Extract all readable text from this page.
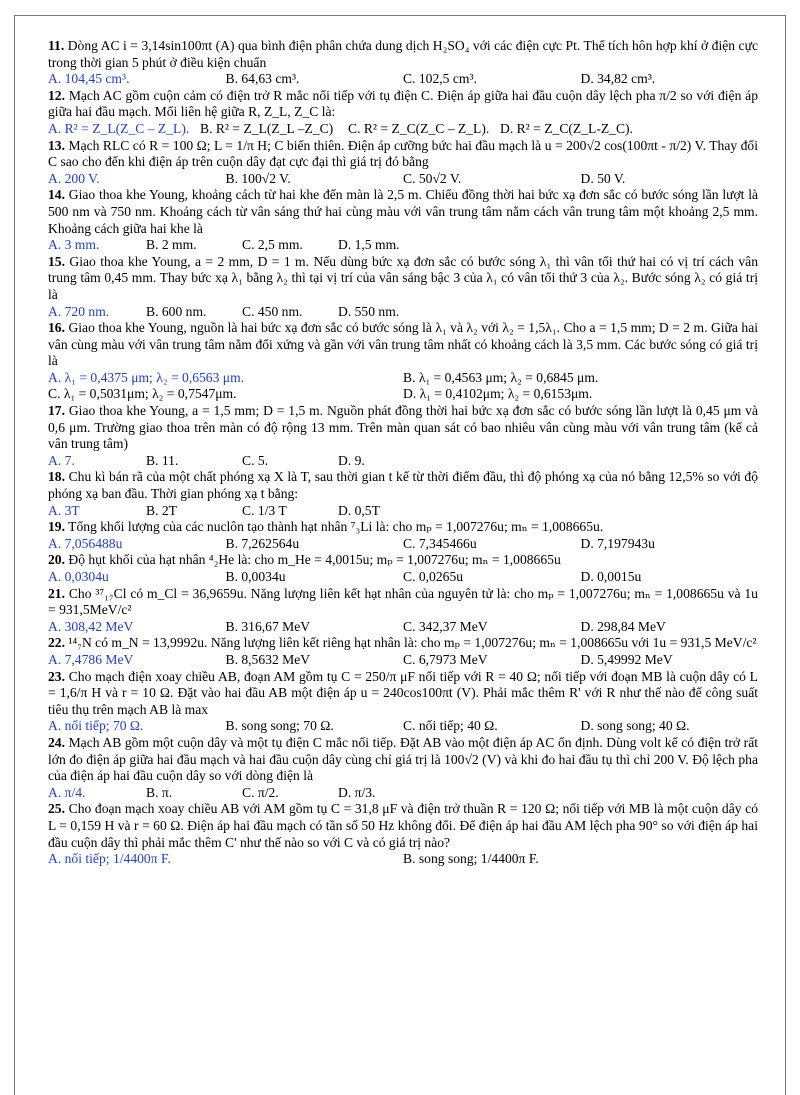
11. Dòng AC i = 3,14sin100πt (A) qua bình điện phân chứa dung dịch H₂SO₄ với các điện cực Pt. Thể tích hôn hợp khí ở điện cực trong thời gian 5 phút ở điều kiện chuẩn

A. 104,45 cm³.	B. 64,63 cm³.	C. 102,5 cm³.	D. 34,82 cm³.

12. Mạch AC gồm cuộn cảm có điện trở R mắc nối tiếp với tụ điện C. Điện áp giữa hai đầu cuộn dây lệch pha π/2 so với điện áp giữa hai đầu mạch. Mối liên hệ giữa R, Z_L, Z_C là:

A. R² = Z_L(Z_C – Z_L). B. R² = Z_L(Z_L –Z_C)	C. R² = Z_C(Z_C – Z_L). D. R² = Z_C(Z_L-Z_C).

13. Mạch RLC có R = 100 Ω; L = 1/π H; C biến thiên. Điện áp cưỡng bức hai đầu mạch là u = 200√2 cos(100πt - π/2) V. Thay đổi C sao cho đến khi điện áp trên cuộn dây đạt cực đại thì giá trị đó bằng

A. 200 V.	B. 100√2 V.	C. 50√2 V.	D. 50 V.

14. Giao thoa khe Young, khoảng cách từ hai khe đến màn là 2,5 m. Chiếu đồng thời hai bức xạ đơn sắc có bước sóng lần lượt là 500 nm và 750 nm. Khoảng cách từ vân sáng thứ hai cùng màu với vân trung tâm nằm cách vân trung tâm một khoảng 2,5 mm. Khoảng cách giữa hai khe là

A. 3 mm.	B. 2 mm.	C. 2,5 mm.	D. 1,5 mm.

15. Giao thoa khe Young, a = 2 mm, D = 1 m. Nếu dùng bức xạ đơn sắc có bước sóng λ₁ thì vân tối thứ hai có vị trí cách vân trung tâm 0,45 mm. Thay bức xạ λ₁ bằng λ₂ thì tại vị trí của vân sáng bậc 3 của λ₁ có vân tối thứ 3 của λ₂. Bước sóng λ₂ có giá trị là

A. 720 nm.	B. 600 nm.	C. 450 nm.	D. 550 nm.

16. Giao thoa khe Young, nguồn là hai bức xạ đơn sắc có bước sóng là λ₁ và λ₂ với λ₂ = 1,5λ₁. Cho a = 1,5 mm; D = 2 m. Giữa hai vân cùng màu với vân trung tâm nằm đối xứng và gần với vân trung tâm nhất có khoảng cách là 3,5 mm. Các bước sóng có giá trị là

A. λ₁ = 0,4375 μm; λ₂ = 0,6563 μm.	B. λ₁ = 0,4563 μm; λ₂ = 0,6845 μm.
C. λ₁ = 0,5031μm; λ₂ = 0,7547μm.	D. λ₁ = 0,4102μm; λ₂ = 0,6153μm.

17. Giao thoa khe Young, a = 1,5 mm; D = 1,5 m. Nguồn phát đồng thời hai bức xạ đơn sắc có bước sóng lần lượt là 0,45 μm và 0,6 μm. Trường giao thoa trên màn có độ rộng 13 mm. Trên màn quan sát có bao nhiêu vân cùng màu với vân trung tâm (kể cả vân trung tâm)

A. 7.	B. 11.	C. 5.	D. 9.

18. Chu kì bán rã của một chất phóng xạ X là T, sau thời gian t kể từ thời điểm đầu, thì độ phóng xạ của nó bằng 12,5% so với độ phóng xạ ban đầu. Thời gian phóng xạ t bằng:

A. 3T	B. 2T	C. 1/3 T	D. 0,5T

19. Tổng khối lượng của các nuclôn tạo thành hạt nhân ⁷₃Li là: cho mₚ = 1,007276u; mₙ = 1,008665u.

A. 7,056488u	B. 7,262564u	C. 7,345466u	D. 7,197943u

20. Độ hụt khối của hạt nhân ⁴₂He là: cho m_He = 4,0015u; mₚ = 1,007276u; mₙ = 1,008665u

A. 0,0304u	B. 0,0034u	C. 0,0265u	D. 0,0015u

21. Cho ³⁷₁₇Cl có m_Cl = 36,9659u. Năng lượng liên kết hạt nhân của nguyên tử là: cho mₚ = 1,007276u; mₙ = 1,008665u và 1u = 931,5MeV/c²

A. 308,42 MeV	B. 316,67 MeV	C. 342,37 MeV	D. 298,84 MeV

22. ¹⁴₇N có m_N = 13,9992u. Năng lượng liên kết riêng hạt nhân là: cho mₚ = 1,007276u; mₙ = 1,008665u với 1u = 931,5 MeV/c²

A. 7,4786 MeV	B. 8,5632 MeV	C. 6,7973 MeV	D. 5,49992 MeV

23. Cho mạch điện xoay chiều AB, đoạn AM gồm tụ C = 250/π μF nối tiếp với R = 40 Ω; nối tiếp với đoạn MB là cuộn dây có L = 1,6/π H và r = 10 Ω. Đặt vào hai đầu AB một điện áp u = 240cos100πt (V). Phải mắc thêm R' với R như thế nào để công suất tiêu thụ trên mạch AB là max

A. nối tiếp; 70 Ω.	B. song song; 70 Ω.	C. nối tiếp; 40 Ω.	D. song song; 40 Ω.

24. Mạch AB gồm một cuộn dây và một tụ điện C mắc nối tiếp. Đặt AB vào một điện áp AC ổn định. Dùng volt kế có điện trở rất lớn đo điện áp giữa hai đầu mạch và hai đầu cuộn dây cùng chỉ giá trị là 100√2 (V) và khi đo hai đầu tụ thì chỉ 200 V. Độ lệch pha của điện áp hai đầu cuộn dây so với dòng điện là

A. π/4.	B. π.	C. π/2.	D. π/3.

25. Cho đoạn mạch xoay chiều AB với AM gồm tụ C = 31,8 μF và điện trở thuần R = 120 Ω; nối tiếp với MB là một cuộn dây có L = 0,159 H và r = 60 Ω. Điện áp hai đầu mạch có tần số 50 Hz không đổi. Để điện áp hai đầu AM lệch pha 90° so với điện áp hai đầu cuộn dây thì phải mắc thêm C' như thế nào so với C và có giá trị nào?

A. nối tiếp; 1/4400π F.	B. song song; 1/4400π F.
